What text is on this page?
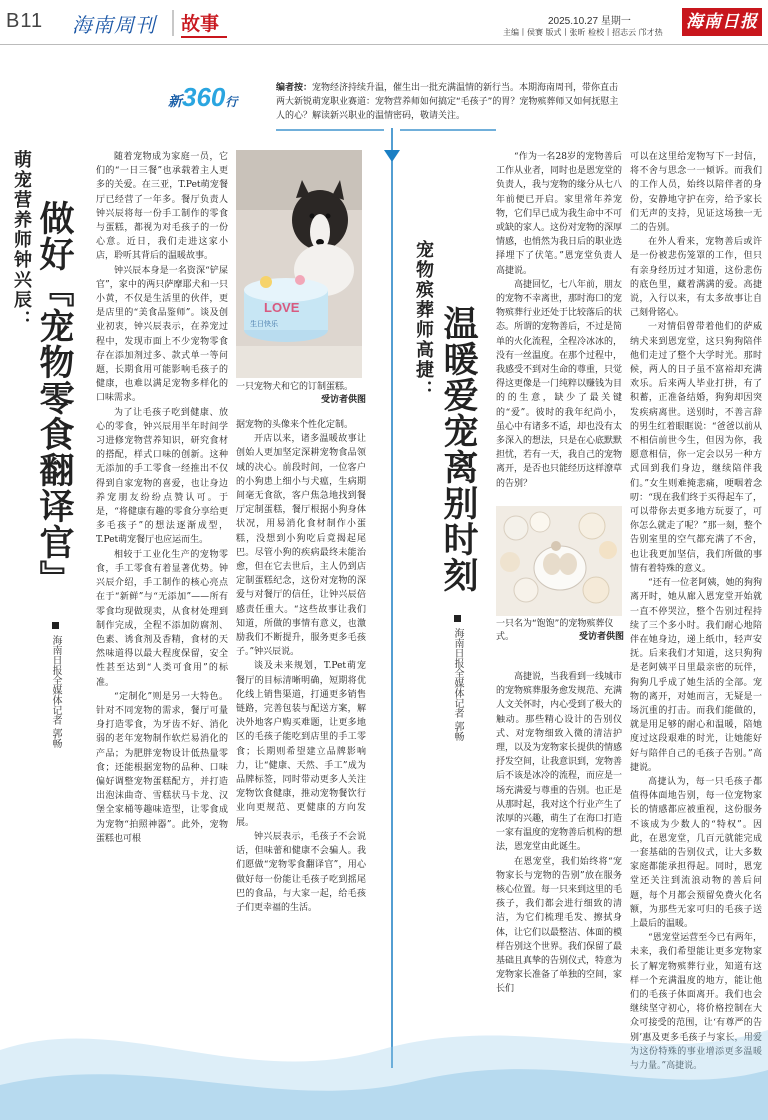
B11 海南周刊 故事	2025.10.27 星期一
主编丨侯赛 版式丨张昕 检校丨招志云 邝才热
海南日报
新360行
编者按：宠物经济持续升温，催生出一批充满温情的新行当。本期海南周刊，带你直击两大新锐萌宠职业赛道：宠物营养师如何搞定“毛孩子”的胃？宠物殡葬师又如何抚慰主人的心？解读新兴职业的温情密码，敬请关注。
萌宠营养师钟兴辰： 做好『宠物零食翻译官』
海南日报全媒体记者 郭畅

随着宠物成为家庭一员，它们的“一日三餐”也承载着主人更多的关爱。在三亚，T.Pet萌宠餐厅已经营了一年多。餐厅负责人钟兴辰将每一份手工制作的零食与蛋糕，都视为对毛孩子的一份心意。近日，我们走进这家小店，聆听其背后的温暖故事。

钟兴辰本身是一名资深“铲屎官”，家中的两只萨摩耶犬和一只小黄，不仅是生活里的伙伴，更是店里的“美食品鉴师”。谈及创业初衷，钟兴辰表示，在养宠过程中，发现市面上不少宠物零食存在添加剂过多、款式单一等问题，长期食用可能影响毛孩子的健康，也难以满足宠物多样化的口味需求。

为了让毛孩子吃到健康、放心的零食，钟兴辰用半年时间学习进修宠物营养知识，研究食材的搭配，样式口味的创新。这种无添加的手工零食一经推出不仅得到自家宠物的喜爱，也让身边养宠朋友纷纷点赞认可。于是，“将健康有趣的零食分享给更多毛孩子”的想法逐渐成型，T.Pet萌宠餐厅也应运而生。

相较于工业化生产的宠物零食，手工零食有着显著优势。钟兴辰介绍，手工制作的核心亮点在于“新鲜”与“无添加”——所有零食均现做现卖，从食材处理到制作完成，全程不添加防腐剂、色素、诱食剂及香精，食材的天然味道得以最大程度保留，安全性甚至达到“人类可食用”的标准。

“定制化”则是另一大特色。针对不同宠物的需求，餐厅可量身打造零食，为牙齿不好、消化弱的老年宠物制作软烂易消化的产品；为肥胖宠物设计低热量零食；还能根据宠物的品种、口味偏好调整宠物蛋糕配方，并打造出泡沫曲奇、雪糕状马卡龙、汉堡全家桶等趣味造型，让零食成为宠物“拍照神器”。此外，宠物蛋糕也可根

LOVE
生日快乐
一只宠物犬和它的订制蛋糕。
受访者供图

据宠物的头像来个性化定制。

开店以来，诸多温暖故事让创始人更加坚定深耕宠物食品领域的决心。前段时间，一位客户的小狗患上细小与犬瘟，生病期间毫无食欲，客户焦急地找到餐厅定制蛋糕，餐厅根据小狗身体状况，用易消化食材制作小蛋糕，没想到小狗吃后竟揭起尾巴。尽管小狗的疾病最终未能治愈，但在它去世后，主人仍到店定制蛋糕纪念，这份对宠物的深爱与对餐厅的信任，让钟兴辰倍感责任重大。“这些故事让我们知道，所做的事情有意义，也激励我们不断提升，服务更多毛孩子。”钟兴辰说。

谈及未来规划，T.Pet萌宠餐厅的目标清晰明确，短期将优化线上销售渠道，打通更多销售链路，完善包装与配送方案，解决外地客户购买难题，让更多地区的毛孩子能吃到店里的手工零食；长期则希望建立品牌影响力，让“健康、天然、手工”成为品牌标签，同时带动更多人关注宠物饮食健康，推动宠物餐饮行业向更规范、更健康的方向发展。

钟兴辰表示，毛孩子不会说话，但味蕾和健康不会骗人。我们愿做“宠物零食翻译官”，用心做好每一份能让毛孩子吃到摇尾巴的食品，与大家一起，给毛孩子们更幸福的生活。

宠物殡葬师高捷： 温暖爱宠离别时刻
海南日报全媒体记者 郭畅

“作为一名28岁的宠物善后工作从业者，同时也是恩宠堂的负责人，我与宠物的缘分从七八年前便已开启。家里常年养宠物，它们早已成为我生命中不可或缺的家人。这份对宠物的深厚情感，也悄然为我日后的职业选择埋下了伏笔。”恩宠堂负责人高捷说。

高捷回忆，七八年前，朋友的宠物不幸离世，那时海口的宠物殡葬行业还处于比较落后的状态。所谓的宠物善后，不过是简单的火化流程，全程冷冰冰的，没有一丝温度。在那个过程中，我感受不到对生命的尊重，只觉得这更像是一门纯粹以赚钱为目的的生意，缺少了最关键的“爱”。彼时的我年纪尚小，虽心中有诸多不适，却也没有太多深入的想法，只是在心底默默担忧，若有一天，我自己的宠物离开，是否也只能经历这样潦草的告别？

一只名为“饱饱”的宠物殡葬仪式。	受访者供图

高捷说，当我看到一线城市的宠物殡葬服务愈发规范、充满人文关怀时，内心受到了极大的触动。那些精心设计的告别仪式、对宠物细致入微的清洁护理，以及为宠物家长提供的情感抒发空间，让我意识到，宠物善后不该是冰冷的流程，而应是一场充满爱与尊重的告别。也正是从那时起，我对这个行业产生了浓厚的兴趣，萌生了在海口打造一家有温度的宠物善后机构的想法，恩宠堂由此诞生。

在恩宠堂，我们始终将“宠物家长与宠物的告别”放在服务核心位置。每一只来到这里的毛孩子，我们都会进行细致的清洁，为它们梳理毛发、擦拭身体，让它们以最整洁、体面的模样告别这个世界。我们保留了最基础且真挚的告别仪式，特意为宠物家长准备了单独的空间，家长们

可以在这里给宠物写下一封信，将不舍与思念一一倾诉。而我们的工作人员，始终以陪伴者的身份，安静地守护在旁，给予家长们无声的支持，见证这场独一无二的告别。

在外人看来，宠物善后或许是一份被悲伤笼罩的工作，但只有亲身经历过才知道，这份悲伤的底色里，藏着满满的爱。高捷说，入行以来，有太多故事让自己刻骨铭心。

一对情侣曾带着他们的萨威纳犬来到恩宠堂，这只狗狗陪伴他们走过了整个大学时光。那时候，两人的日子虽不富裕却充满欢乐。后来两人毕业打拼，有了积蓄，正准备结婚，狗狗却因突发疾病离世。送别时，不善言辞的男生红着眼眶说：“爸爸以前从不相信前世今生，但因为你，我愿意相信，你一定会以另一种方式回到我们身边，继续陪伴我们。”女生则难掩悲痛，哽咽着念叨：“现在我们终于买得起车了，可以带你去更多地方玩耍了，可你怎么就走了呢？”那一刻，整个告别室里的空气都充满了不舍，也让我更加坚信，我们所做的事情有着特殊的意义。

“还有一位老阿姨，她的狗狗离开时，她从廊入恩宠堂开始就一直不停哭泣，整个告别过程持续了三个多小时。我们耐心地陪伴在她身边，递上纸巾，轻声安抚。后来我们才知道，这只狗狗是老阿姨平日里最亲密的玩伴，狗狗几乎成了她生活的全部。宠物的离开，对她而言，无疑是一场沉重的打击。而我们能做的，就是用足够的耐心和温暖，陪她度过这段艰难的时光，让她能好好与陪伴自己的毛孩子告别。”高捷说。

高捷认为，每一只毛孩子都值得体面地告别，每一位宠物家长的情感都应被重视，这份服务不该成为少数人的“特权”。因此，在恩宠堂，几百元就能完成一套基础的告别仪式，让大多数家庭都能承担得起。同时，恩宠堂还关注到流浪动物的善后问题，每个月都会预留免费火化名额，为那些无家可归的毛孩子送上最后的温暖。

“恩宠堂运营至今已有两年，未来，我们希望能让更多宠物家长了解宠物殡葬行业，知道有这样一个充满温度的地方，能让他们的毛孩子体面离开。我们也会继续坚守初心，将价格控制在大众可接受的范围，让‘有尊严的告别’惠及更多毛孩子与家长，用爱为这份特殊的事业增添更多温暖与力量。”高捷说。
